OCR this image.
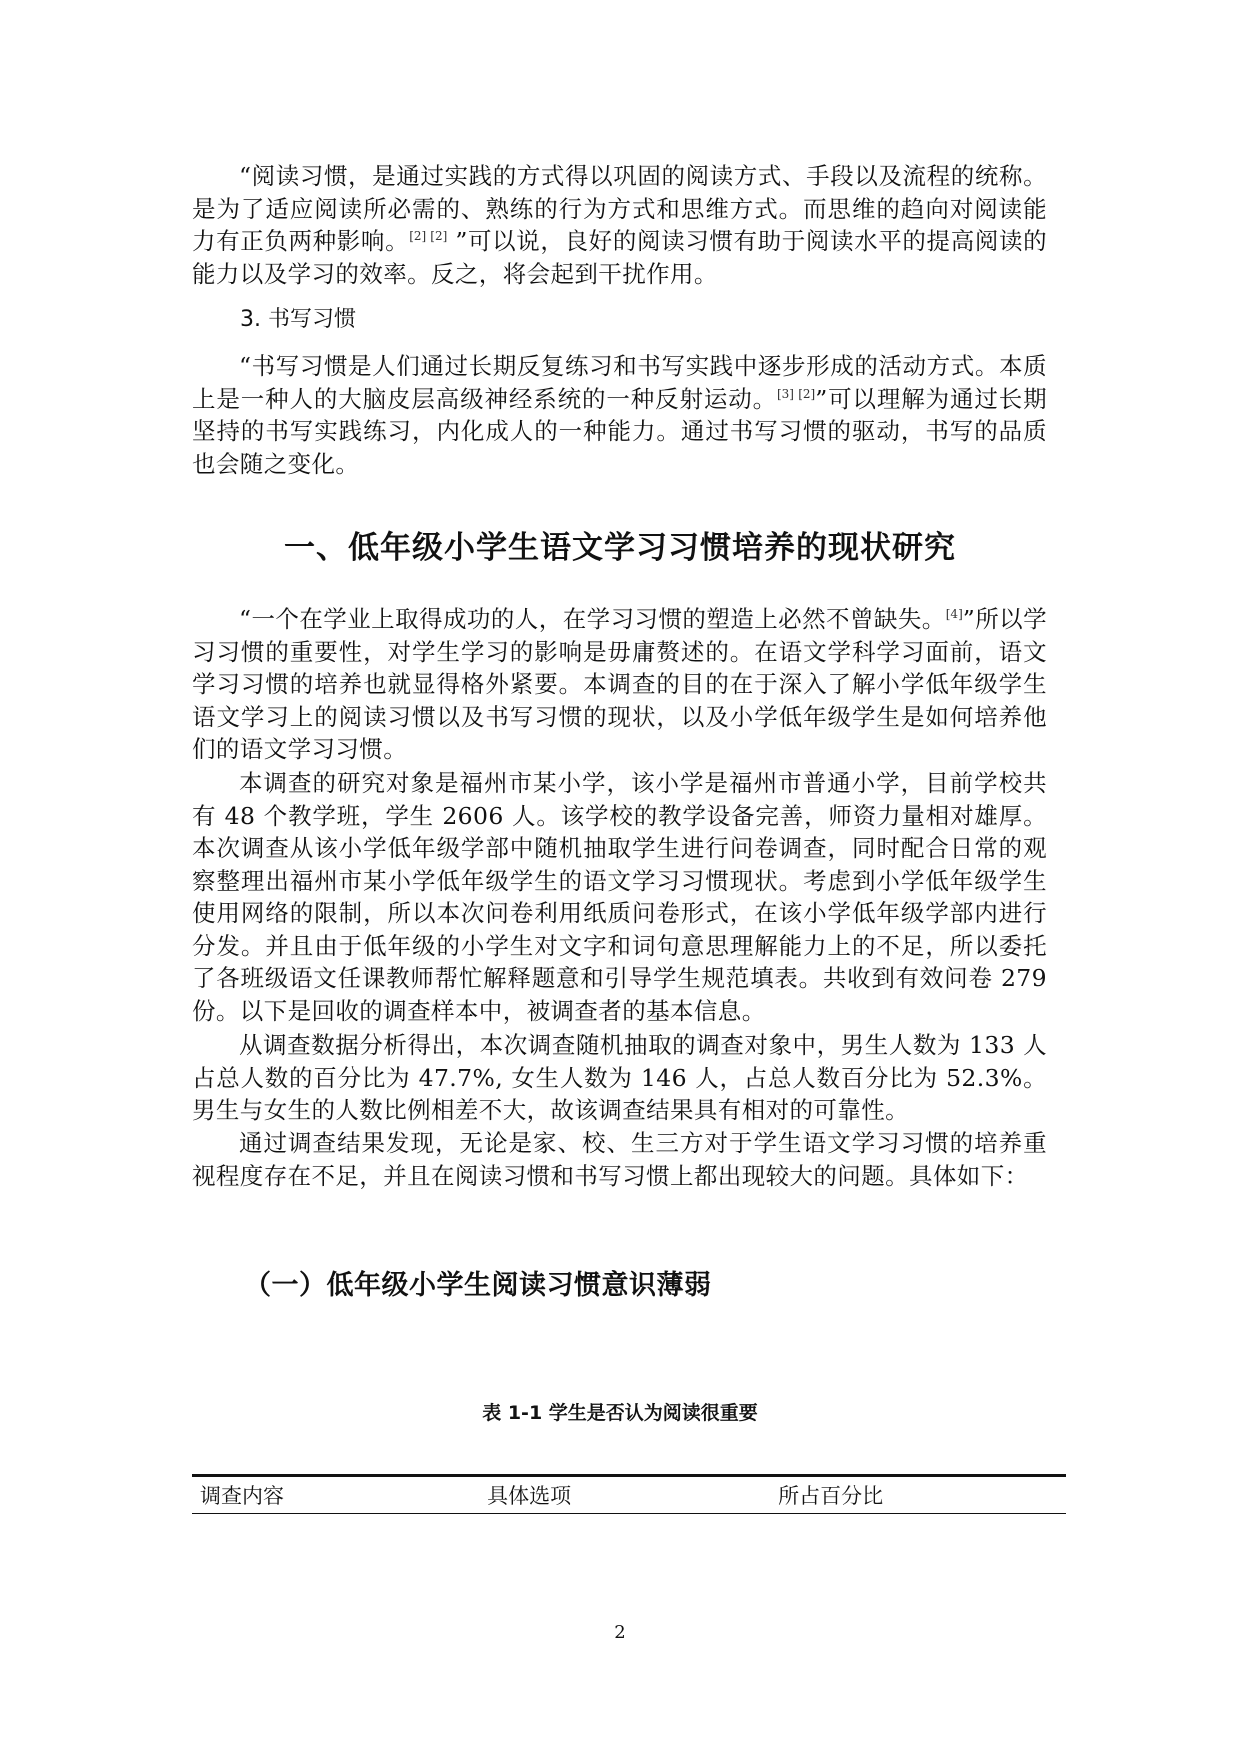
“阅读习惯，是通过实践的方式得以巩固的阅读方式、手段以及流程的统称。是为了适应阅读所必需的、熟练的行为方式和思维方式。而思维的趋向对阅读能力有正负两种影响。[2] [2] ”可以说，良好的阅读习惯有助于阅读水平的提高阅读的能力以及学习的效率。反之，将会起到干扰作用。

3. 书写习惯

“书写习惯是人们通过长期反复练习和书写实践中逐步形成的活动方式。本质上是一种人的大脑皮层高级神经系统的一种反射运动。[3] [2]”可以理解为通过长期坚持的书写实践练习，内化成人的一种能力。通过书写习惯的驱动，书写的品质也会随之变化。

一、低年级小学生语文学习习惯培养的现状研究

“一个在学业上取得成功的人，在学习习惯的塑造上必然不曾缺失。[4]”所以学习习惯的重要性，对学生学习的影响是毋庸赘述的。在语文学科学习面前，语文学习习惯的培养也就显得格外紧要。本调查的目的在于深入了解小学低年级学生语文学习上的阅读习惯以及书写习惯的现状，以及小学低年级学生是如何培养他们的语文学习习惯。

本调查的研究对象是福州市某小学，该小学是福州市普通小学，目前学校共有 48 个教学班，学生 2606 人。该学校的教学设备完善，师资力量相对雄厚。本次调查从该小学低年级学部中随机抽取学生进行问卷调查，同时配合日常的观察整理出福州市某小学低年级学生的语文学习习惯现状。考虑到小学低年级学生使用网络的限制，所以本次问卷利用纸质问卷形式，在该小学低年级学部内进行分发。并且由于低年级的小学生对文字和词句意思理解能力上的不足，所以委托了各班级语文任课教师帮忙解释题意和引导学生规范填表。共收到有效问卷 279 份。以下是回收的调查样本中，被调查者的基本信息。

从调查数据分析得出，本次调查随机抽取的调查对象中，男生人数为 133 人占总人数的百分比为 47.7%, 女生人数为 146 人，占总人数百分比为 52.3%。男生与女生的人数比例相差不大，故该调查结果具有相对的可靠性。

通过调查结果发现，无论是家、校、生三方对于学生语文学习习惯的培养重视程度存在不足，并且在阅读习惯和书写习惯上都出现较大的问题。具体如下：

（一）低年级小学生阅读习惯意识薄弱

表 1-1 学生是否认为阅读很重要

调查内容	具体选项	所占百分比

2
